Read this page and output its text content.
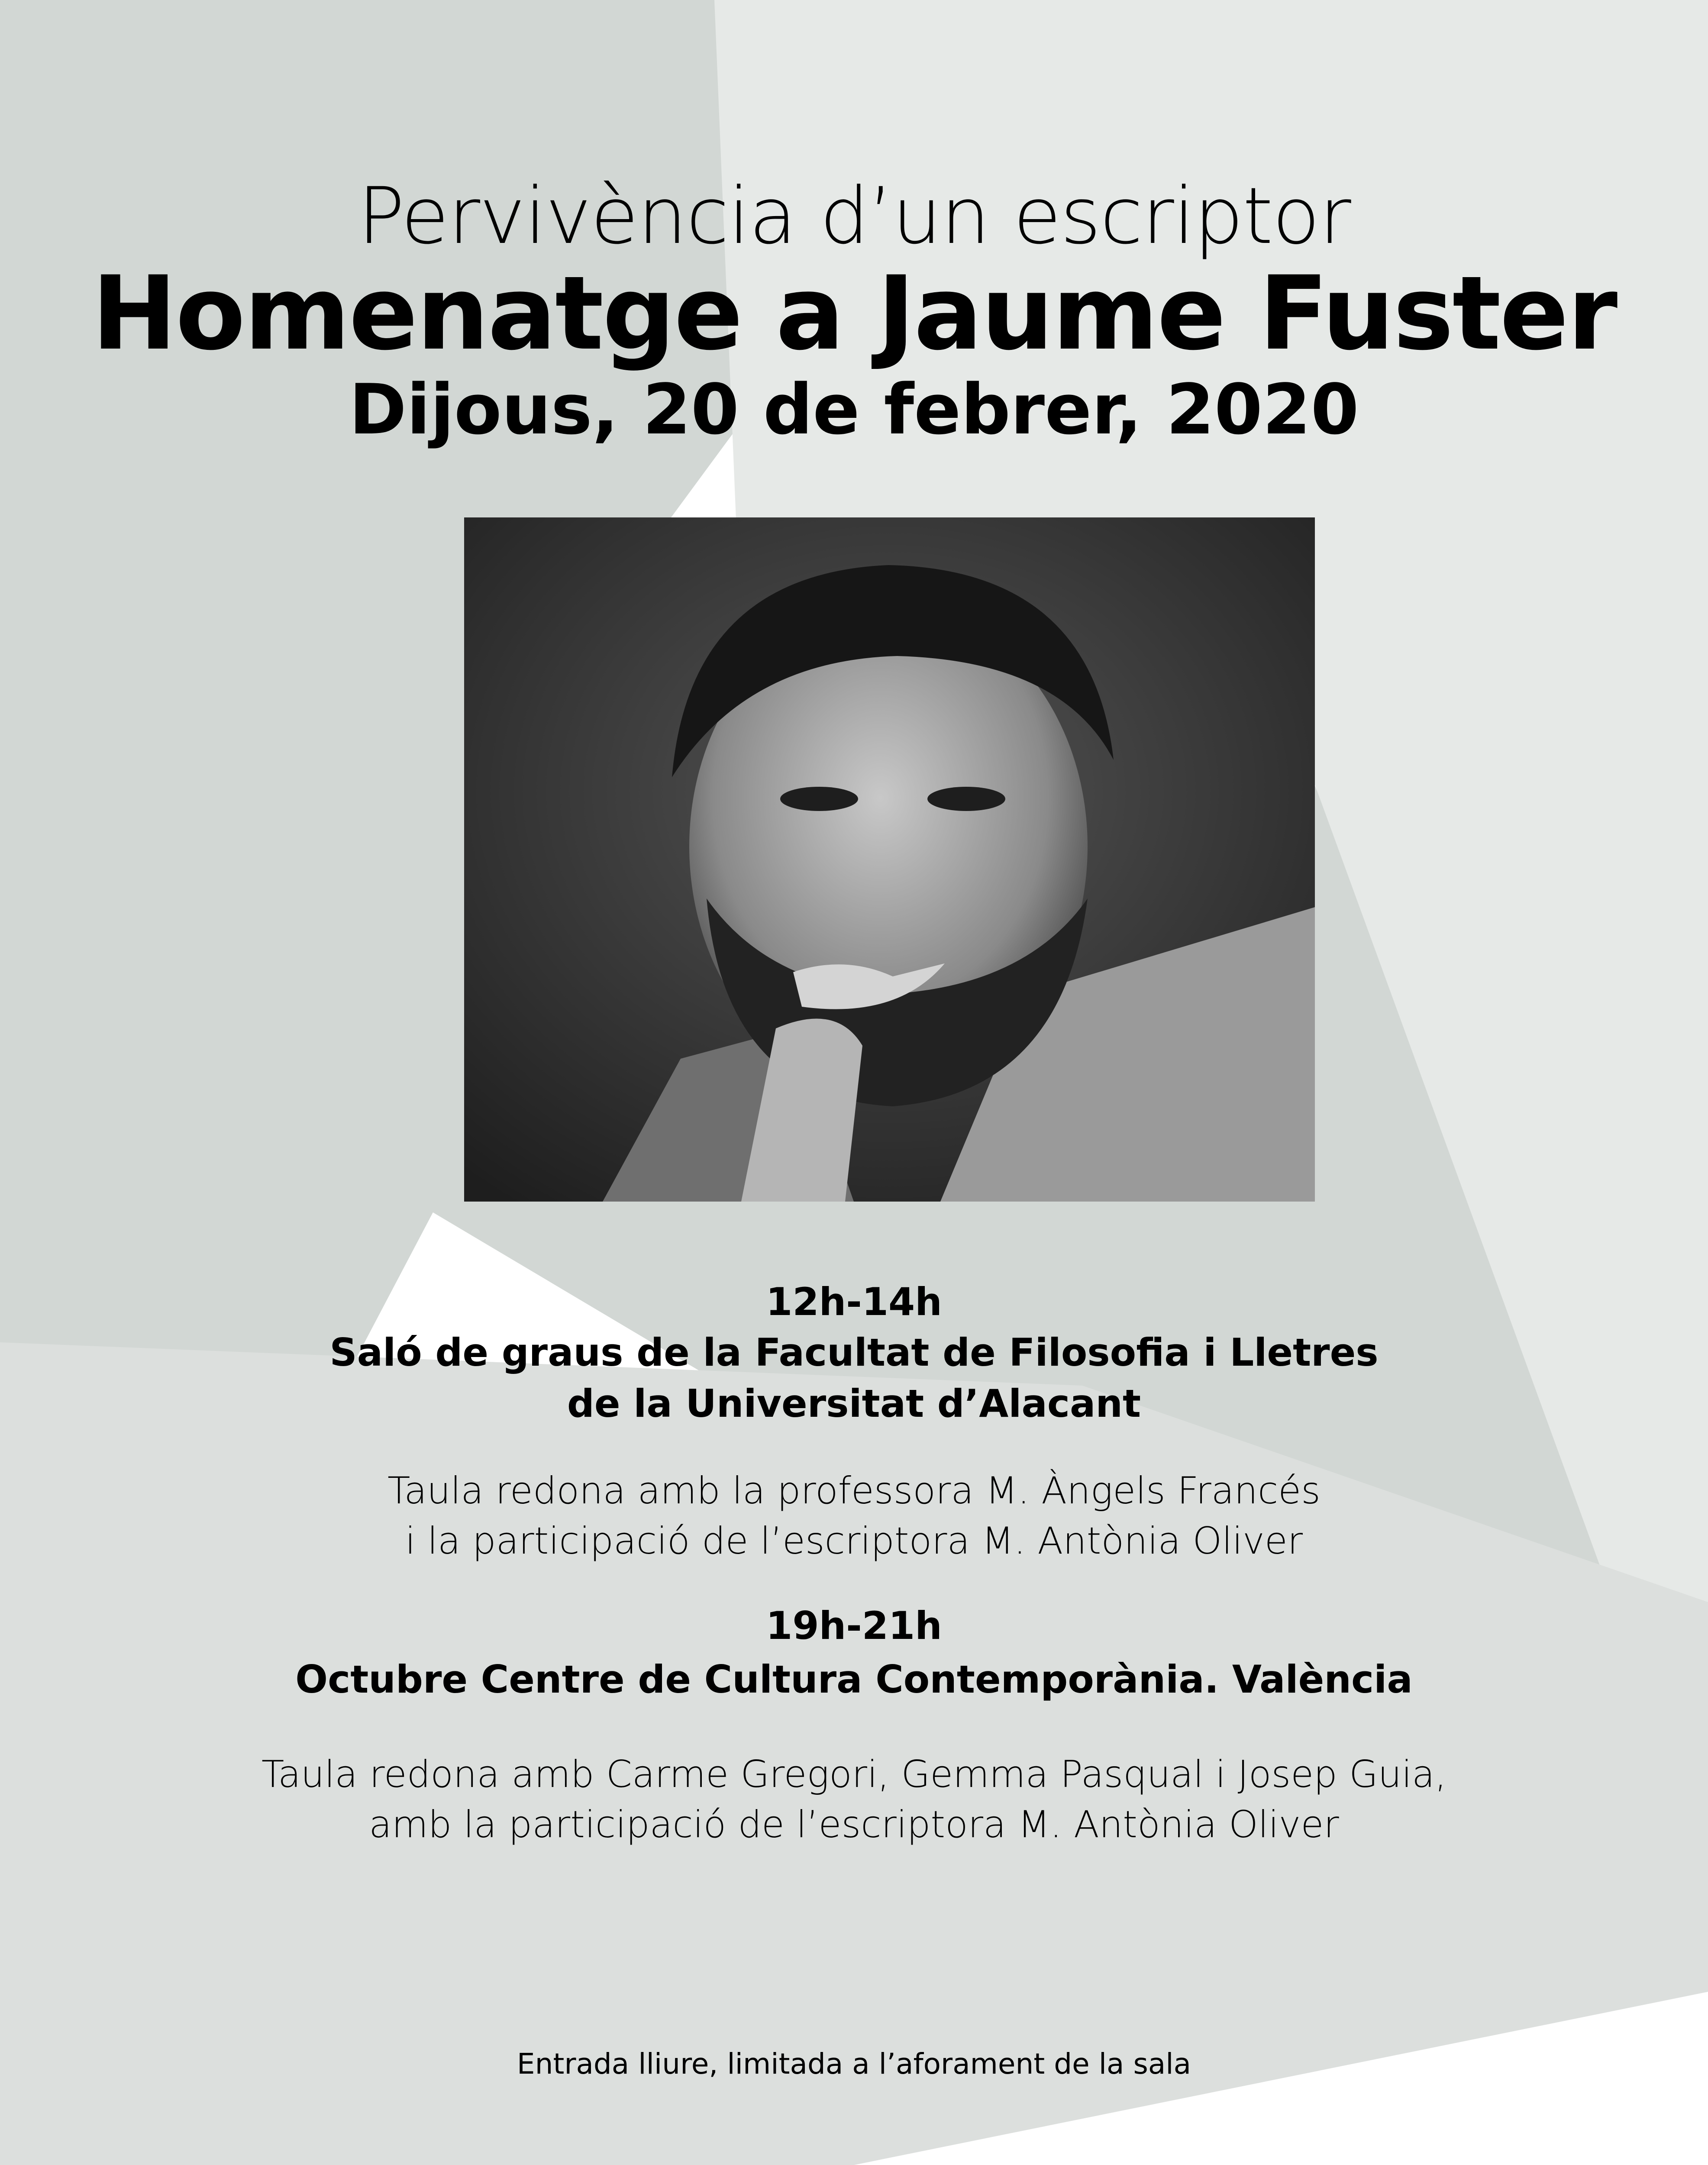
Pervivència d’un escriptor
Homenatge a Jaume Fuster
Dijous, 20 de febrer, 2020
12h-14h
Saló de graus de la Facultat de Filosofia i Lletres
de la Universitat d’Alacant
Taula redona amb la professora M. Àngels Francés
i la participació de l’escriptora M. Antònia Oliver
19h-21h
Octubre Centre de Cultura Contemporània. València
Taula redona amb Carme Gregori, Gemma Pasqual i Josep Guia,
amb la participació de l’escriptora M. Antònia Oliver
Entrada lliure, limitada a l’aforament de la sala
